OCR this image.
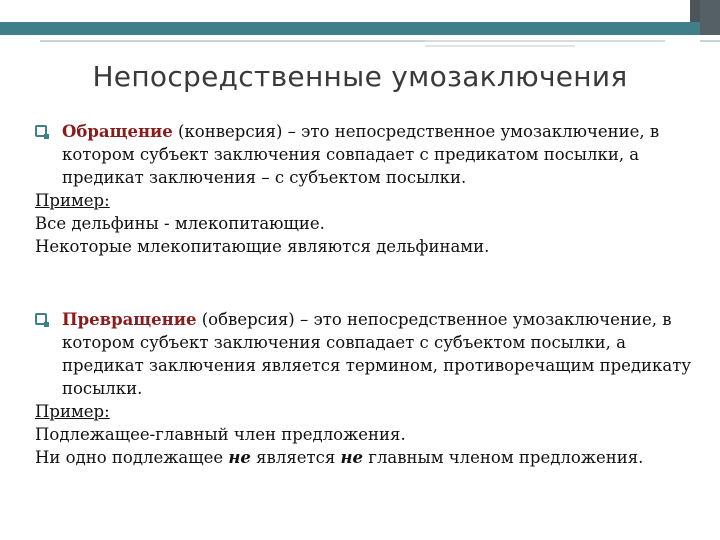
Непосредственные умозаключения
Обращение (конверсия) – это непосредственное умозаключение, в котором субъект заключения совпадает с предикатом посылки, а предикат заключения – с субъектом посылки.

Пример:

Все дельфины - млекопитающие.

Некоторые млекопитающие являются дельфинами.

Превращение (обверсия) – это непосредственное умозаключение, в котором субъект заключения совпадает с субъектом посылки, а предикат заключения является термином, противоречащим предикату посылки.

Пример:

Подлежащее-главный член предложения.

Ни одно подлежащее не является не главным членом предложения.
